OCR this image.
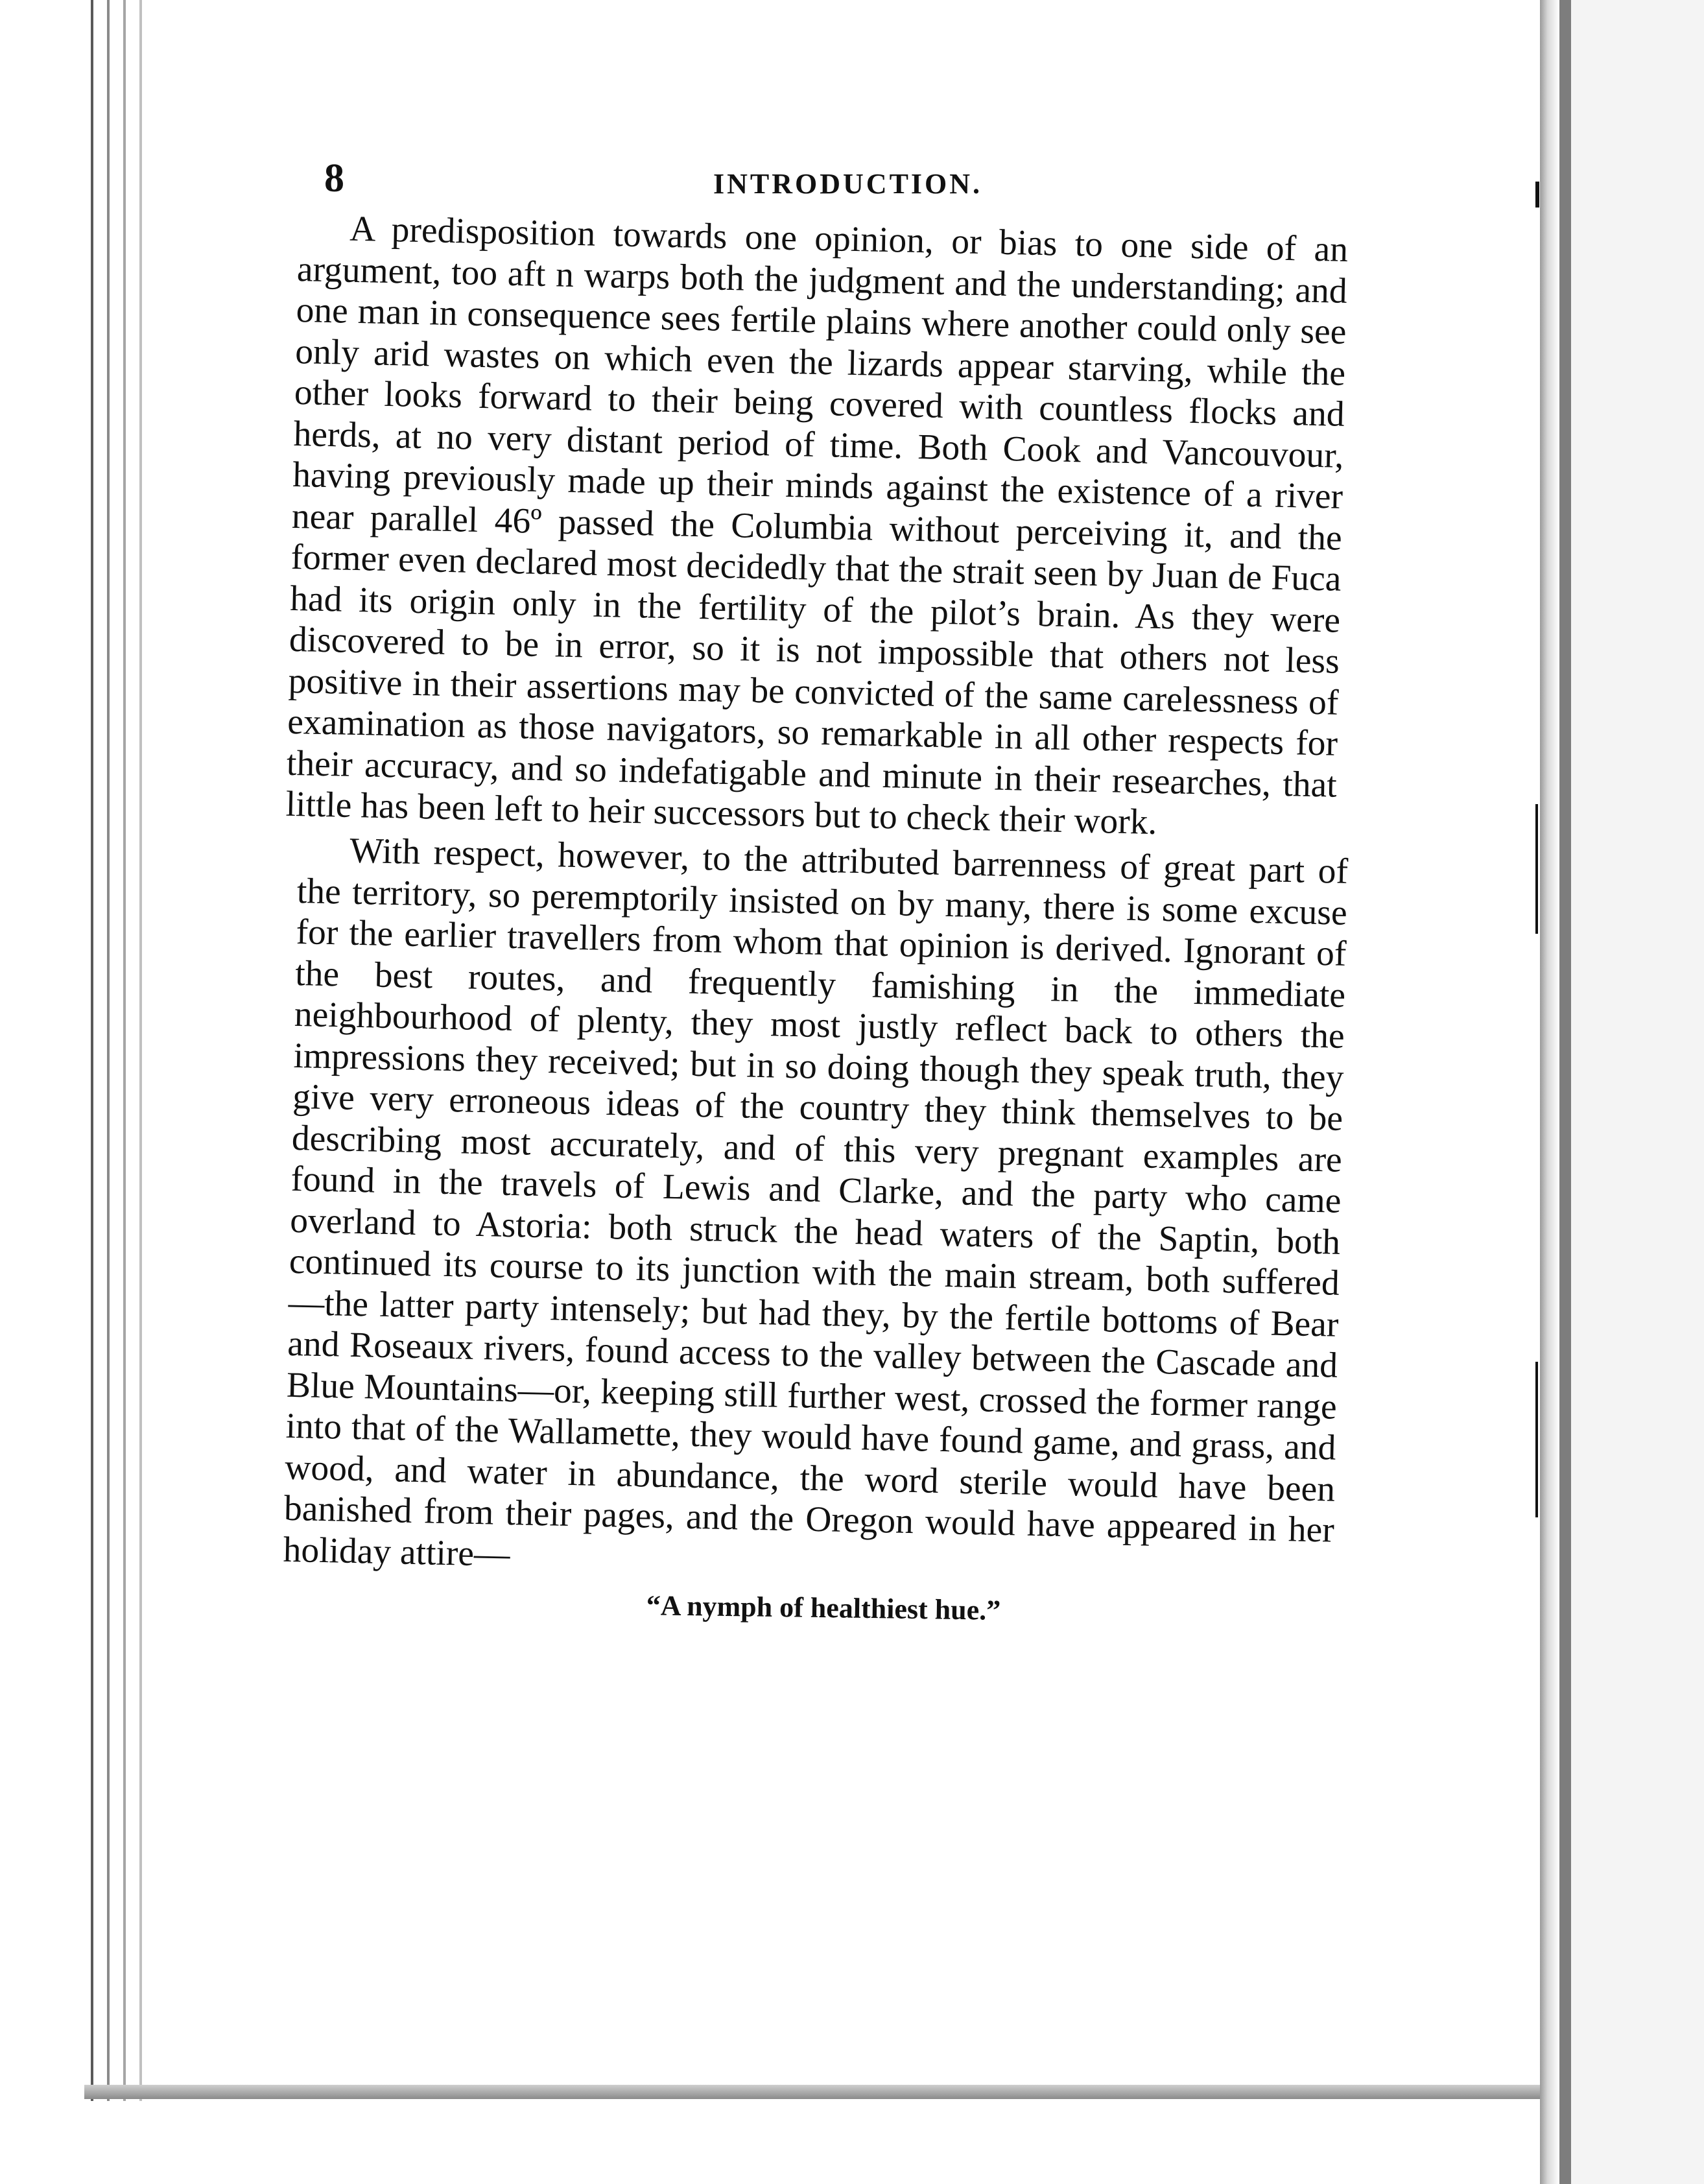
8	INTRODUCTION.

A predisposition towards one opinion, or bias to one side of an argument, too aft n warps both the judgment and the understanding; and one man in consequence sees fertile plains where another could only see only arid wastes on which even the lizards appear starving, while the other looks forward to their being covered with countless flocks and herds, at no very distant period of time. Both Cook and Vancouvour, having previously made up their minds against the existence of a river near parallel 46º passed the Columbia without perceiving it, and the former even declared most decidedly that the strait seen by Juan de Fuca had its origin only in the fertility of the pilot’s brain. As they were discovered to be in error, so it is not impossible that others not less positive in their assertions may be convicted of the same carelessness of examination as those navigators, so remarkable in all other respects for their accuracy, and so indefatigable and minute in their researches, that little has been left to heir successors but to check their work.

With respect, however, to the attributed barrenness of great part of the territory, so peremptorily insisted on by many, there is some excuse for the earlier travellers from whom that opinion is derived. Ignorant of the best routes, and frequently famishing in the immediate neighbourhood of plenty, they most justly reflect back to others the impressions they received; but in so doing though they speak truth, they give very erroneous ideas of the country they think themselves to be describing most accurately, and of this very pregnant examples are found in the travels of Lewis and Clarke, and the party who came overland to Astoria: both struck the head waters of the Saptin, both continued its course to its junction with the main stream, both suffered—the latter party intensely; but had they, by the fertile bottoms of Bear and Roseaux rivers, found access to the valley between the Cascade and Blue Mountains—or, keeping still further west, crossed the former range into that of the Wallamette, they would have found game, and grass, and wood, and water in abundance, the word sterile would have been banished from their pages, and the Oregon would have appeared in her holiday attire—

“A nymph of healthiest hue.”
